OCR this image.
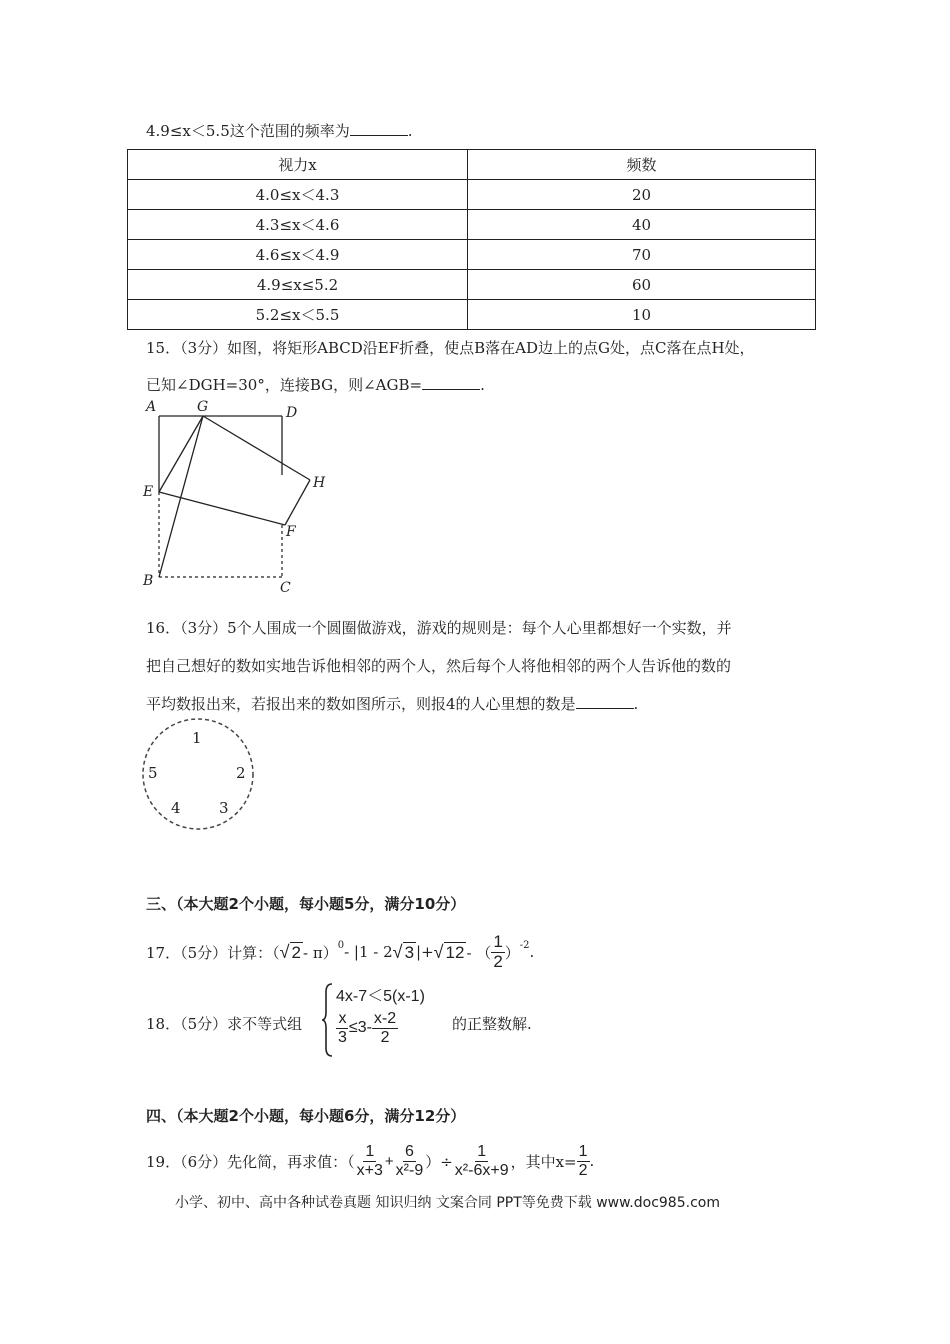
4.9≤x＜5.5这个范围的频率为	.
视力x	频数
4.0≤x＜4.3	20
4.3≤x＜4.6	40
4.6≤x＜4.9	70
4.9≤x≤5.2	60
5.2≤x＜5.5	10
15．（3分）如图，将矩形ABCD沿EF折叠，使点B落在AD边上的点G处，点C落在点H处，
已知∠DGH=30°，连接BG，则∠AGB=	.
A	G	D
E
H
F
B	C
16．（3分）5个人围成一个圆圈做游戏，游戏的规则是：每个人心里都想好一个实数，并
把自己想好的数如实地告诉他相邻的两个人，然后每个人将他相邻的两个人告诉他的数的
平均数报出来，若报出来的数如图所示，则报4的人心里想的数是	.
1
2
3
4
5
三、（本大题2个小题，每小题5分，满分10分）
17．（5分）计算：（ √ 2 - π）$^0$ - |1 - 2 √ 3 |+ √ 12 - （ $\frac{1}{2} )^{-2}$ .
18．（5分）求不等式组
4x-7＜5(x-1)
$\frac{x}{3} \le 3- \frac{x-2}{2}$	的正整数解.
四、（本大题2个小题，每小题6分，满分12分）
19．（6分）先化简，再求值：（ $\frac{1}{x+3} + \frac{6}{\text{x²-9}}$ ）÷ $\frac{1}{\text{x²-6x+9}}$ ，其中$x= \frac{1}{2}$ .
小学、初中、高中各种试卷真题 知识归纳 文案合同 PPT等免费下载 www.doc985.com
